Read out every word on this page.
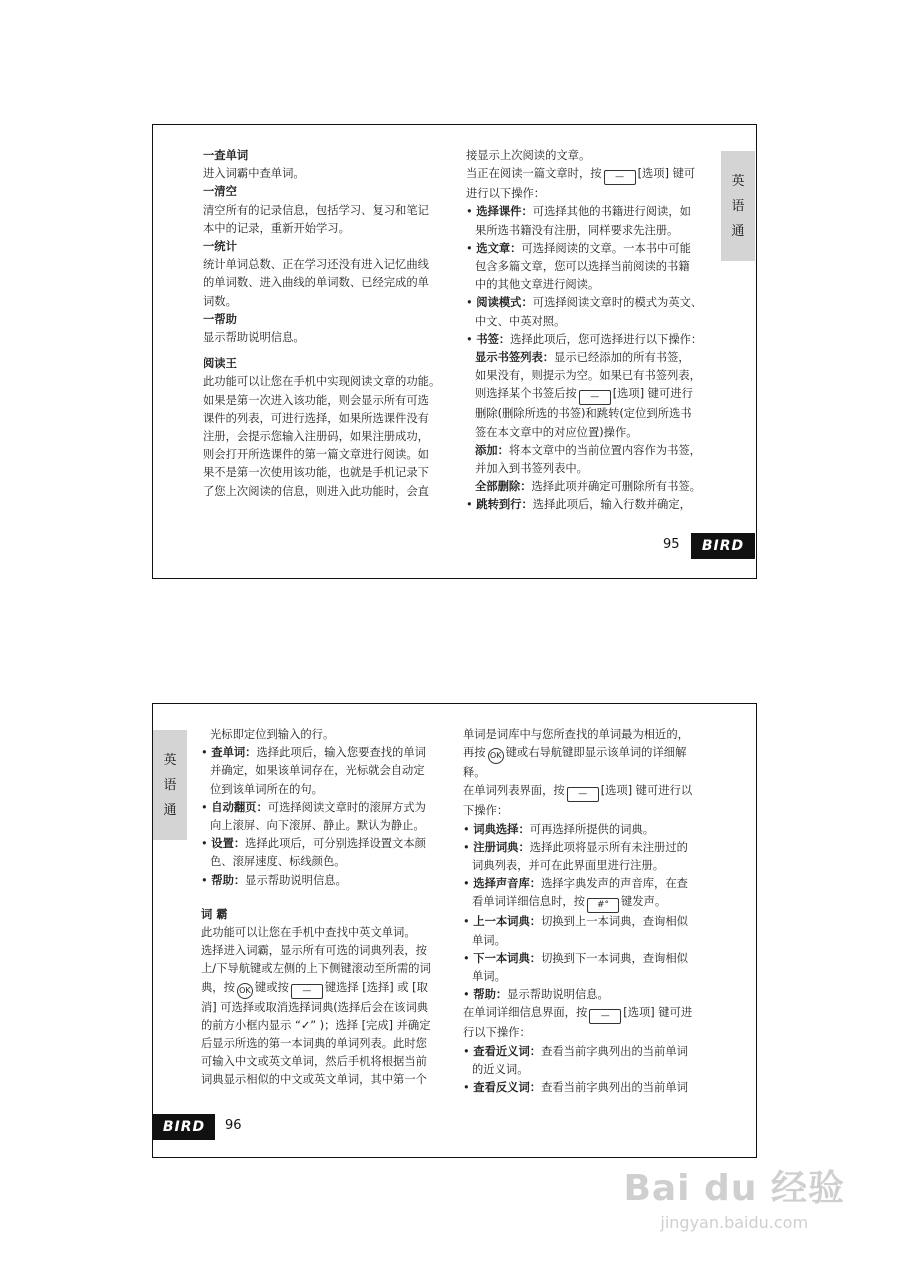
一查单词

进入词霸中查单词。

一清空

清空所有的记录信息，包括学习、复习和笔记

本中的记录，重新开始学习。

一统计

统计单词总数、正在学习还没有进入记忆曲线

的单词数、进入曲线的单词数、已经完成的单

词数。

一帮助

显示帮助说明信息。

阅读王

此功能可以让您在手机中实现阅读文章的功能。

如果是第一次进入该功能，则会显示所有可选

课件的列表，可进行选择，如果所选课件没有

注册，会提示您输入注册码，如果注册成功，

则会打开所选课件的第一篇文章进行阅读。如

果不是第一次使用该功能，也就是手机记录下

了您上次阅读的信息，则进入此功能时，会直

接显示上次阅读的文章。

当正在阅读一篇文章时，按 — [选项] 键可

进行以下操作：

• 选择课件：可选择其他的书籍进行阅读，如

果所选书籍没有注册，同样要求先注册。

• 选文章：可选择阅读的文章。一本书中可能

包含多篇文章，您可以选择当前阅读的书籍

中的其他文章进行阅读。

• 阅读模式：可选择阅读文章时的模式为英文、

中文、中英对照。

• 书签：选择此项后，您可选择进行以下操作：

显示书签列表：显示已经添加的所有书签，

如果没有，则提示为空。如果已有书签列表，

则选择某个书签后按 — [选项] 键可进行

删除(删除所选的书签)和跳转(定位到所选书

签在本文章中的对应位置)操作。

添加：将本文章中的当前位置内容作为书签，

并加入到书签列表中。

全部删除：选择此项并确定可删除所有书签。

• 跳转到行：选择此项后，输入行数并确定，

英
语
通
95	BIRD
英
语
通

光标即定位到输入的行。

• 查单词：选择此项后，输入您要查找的单词

并确定，如果该单词存在，光标就会自动定

位到该单词所在的句。

• 自动翻页：可选择阅读文章时的滚屏方式为

向上滚屏、向下滚屏、静止。默认为静止。

• 设置：选择此项后，可分别选择设置文本颜

色、滚屏速度、标线颜色。

• 帮助：显示帮助说明信息。

词 霸

此功能可以让您在手机中查找中英文单词。

选择进入词霸，显示所有可选的词典列表，按

上/下导航键或左侧的上下侧键滚动至所需的词

典，按 OK 键或按 — 键选择 [选择] 或 [取

消] 可选择或取消选择词典(选择后会在该词典

的前方小框内显示 “✓” )；选择 [完成] 并确定

后显示所选的第一本词典的单词列表。此时您

可输入中文或英文单词，然后手机将根据当前

词典显示相似的中文或英文单词，其中第一个

单词是词库中与您所查找的单词最为相近的，

再按 OK 键或右导航键即显示该单词的详细解

释。

在单词列表界面，按 — [选项] 键可进行以

下操作：

• 词典选择：可再选择所提供的词典。

• 注册词典：选择此项将显示所有未注册过的

词典列表，并可在此界面里进行注册。

• 选择声音库：选择字典发声的声音库，在查

看单词详细信息时，按 #° 键发声。

• 上一本词典：切换到上一本词典，查询相似

单词。

• 下一本词典：切换到下一本词典，查询相似

单词。

• 帮助：显示帮助说明信息。

在单词详细信息界面，按 — [选项] 键可进

行以下操作：

• 查看近义词：查看当前字典列出的当前单词

的近义词。

• 查看反义词：查看当前字典列出的当前单词

BIRD	96
Bai du 经验
jingyan.baidu.com
